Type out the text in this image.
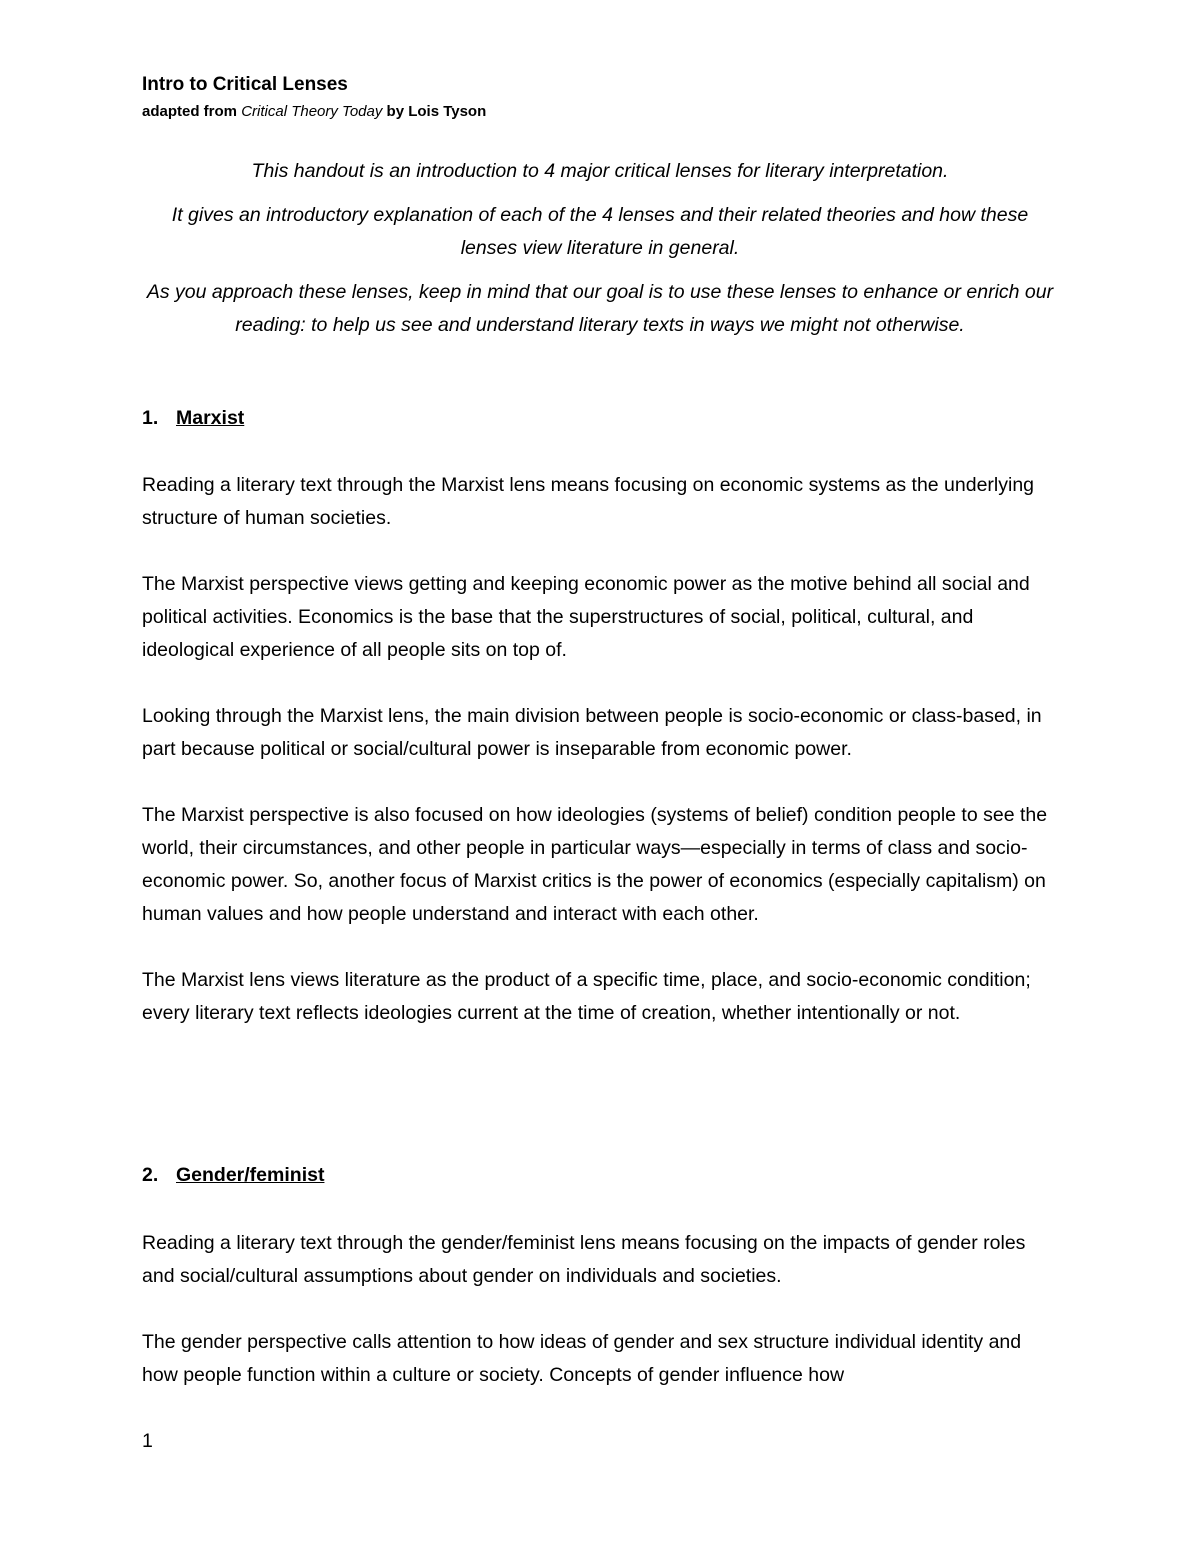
Intro to Critical Lenses
adapted from Critical Theory Today by Lois Tyson

This handout is an introduction to 4 major critical lenses for literary interpretation.

It gives an introductory explanation of each of the 4 lenses and their related theories and how these lenses view literature in general.

As you approach these lenses, keep in mind that our goal is to use these lenses to enhance or enrich our reading: to help us see and understand literary texts in ways we might not otherwise.

1. Marxist

Reading a literary text through the Marxist lens means focusing on economic systems as the underlying structure of human societies.

The Marxist perspective views getting and keeping economic power as the motive behind all social and political activities. Economics is the base that the superstructures of social, political, cultural, and ideological experience of all people sits on top of.

Looking through the Marxist lens, the main division between people is socio-economic or class-based, in part because political or social/cultural power is inseparable from economic power.

The Marxist perspective is also focused on how ideologies (systems of belief) condition people to see the world, their circumstances, and other people in particular ways—especially in terms of class and socio-economic power. So, another focus of Marxist critics is the power of economics (especially capitalism) on human values and how people understand and interact with each other.

The Marxist lens views literature as the product of a specific time, place, and socio-economic condition; every literary text reflects ideologies current at the time of creation, whether intentionally or not.

2. Gender/feminist

Reading a literary text through the gender/feminist lens means focusing on the impacts of gender roles and social/cultural assumptions about gender on individuals and societies.

The gender perspective calls attention to how ideas of gender and sex structure individual identity and how people function within a culture or society. Concepts of gender influence how

1
